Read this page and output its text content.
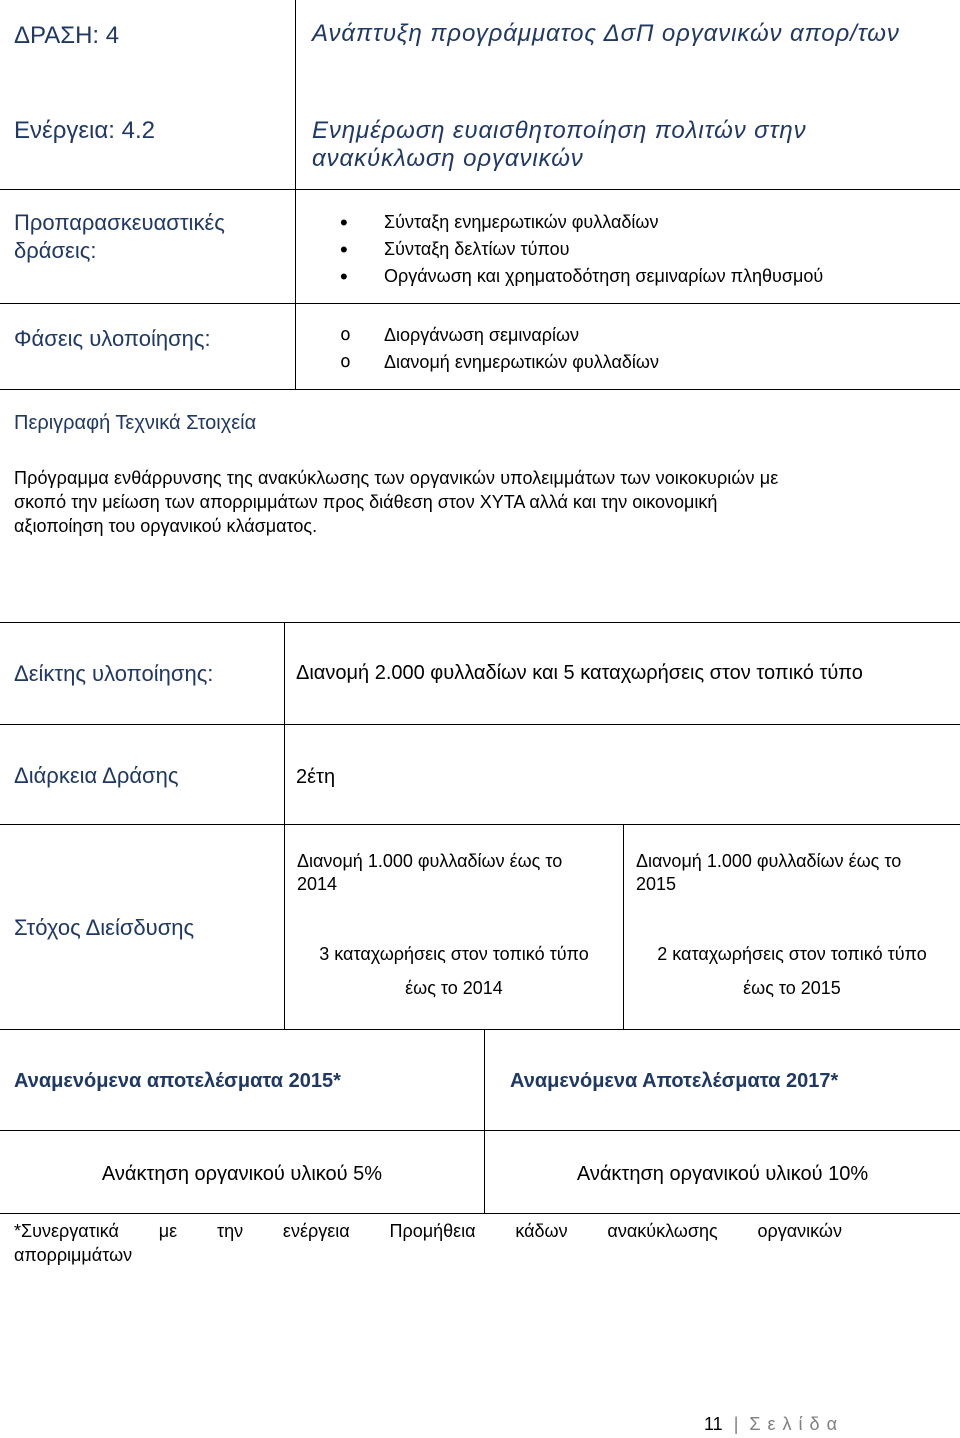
ΔΡΑΣΗ: 4	Ανάπτυξη προγράμματος ΔσΠ οργανικών απορ/των
Ενέργεια: 4.2	Ενημέρωση ευαισθητοποίηση πολιτών στην ανακύκλωση οργανικών
Προπαρασκευαστικές δράσεις:
• Σύνταξη ενημερωτικών φυλλαδίων
• Σύνταξη δελτίων τύπου
• Οργάνωση και χρηματοδότηση σεμιναρίων πληθυσμού
Φάσεις υλοποίησης:
o	Διοργάνωση σεμιναρίων
o Διανομή ενημερωτικών φυλλαδίων
Περιγραφή Τεχνικά Στοιχεία
Πρόγραμμα ενθάρρυνσης της ανακύκλωσης των οργανικών υπολειμμάτων των νοικοκυριών με
σκοπό την μείωση των απορριμμάτων προς διάθεση στον ΧΥΤΑ αλλά και την οικονομική
αξιοποίηση του οργανικού κλάσματος.
Δείκτης υλοποίησης:	Διανομή 2.000 φυλλαδίων και 5 καταχωρήσεις στον τοπικό τύπο
Διάρκεια Δράσης	2έτη
Στόχος Διείσδυσης
Διανομή 1.000 φυλλαδίων έως το
2014
3 καταχωρήσεις στον τοπικό τύπο
έως το 2014
Διανομή 1.000 φυλλαδίων έως το
2015
2 καταχωρήσεις στον τοπικό τύπο
έως το 2015
Αναμενόμενα αποτελέσματα 2015*	Αναμενόμενα Αποτελέσματα 2017*
Ανάκτηση οργανικού υλικού 5%	Ανάκτηση οργανικού υλικού 10%
*Συνεργατικά με την ενέργεια Προμήθεια κάδων ανακύκλωσης οργανικών
απορριμμάτων
11 | Σ ε λ ί δ α
